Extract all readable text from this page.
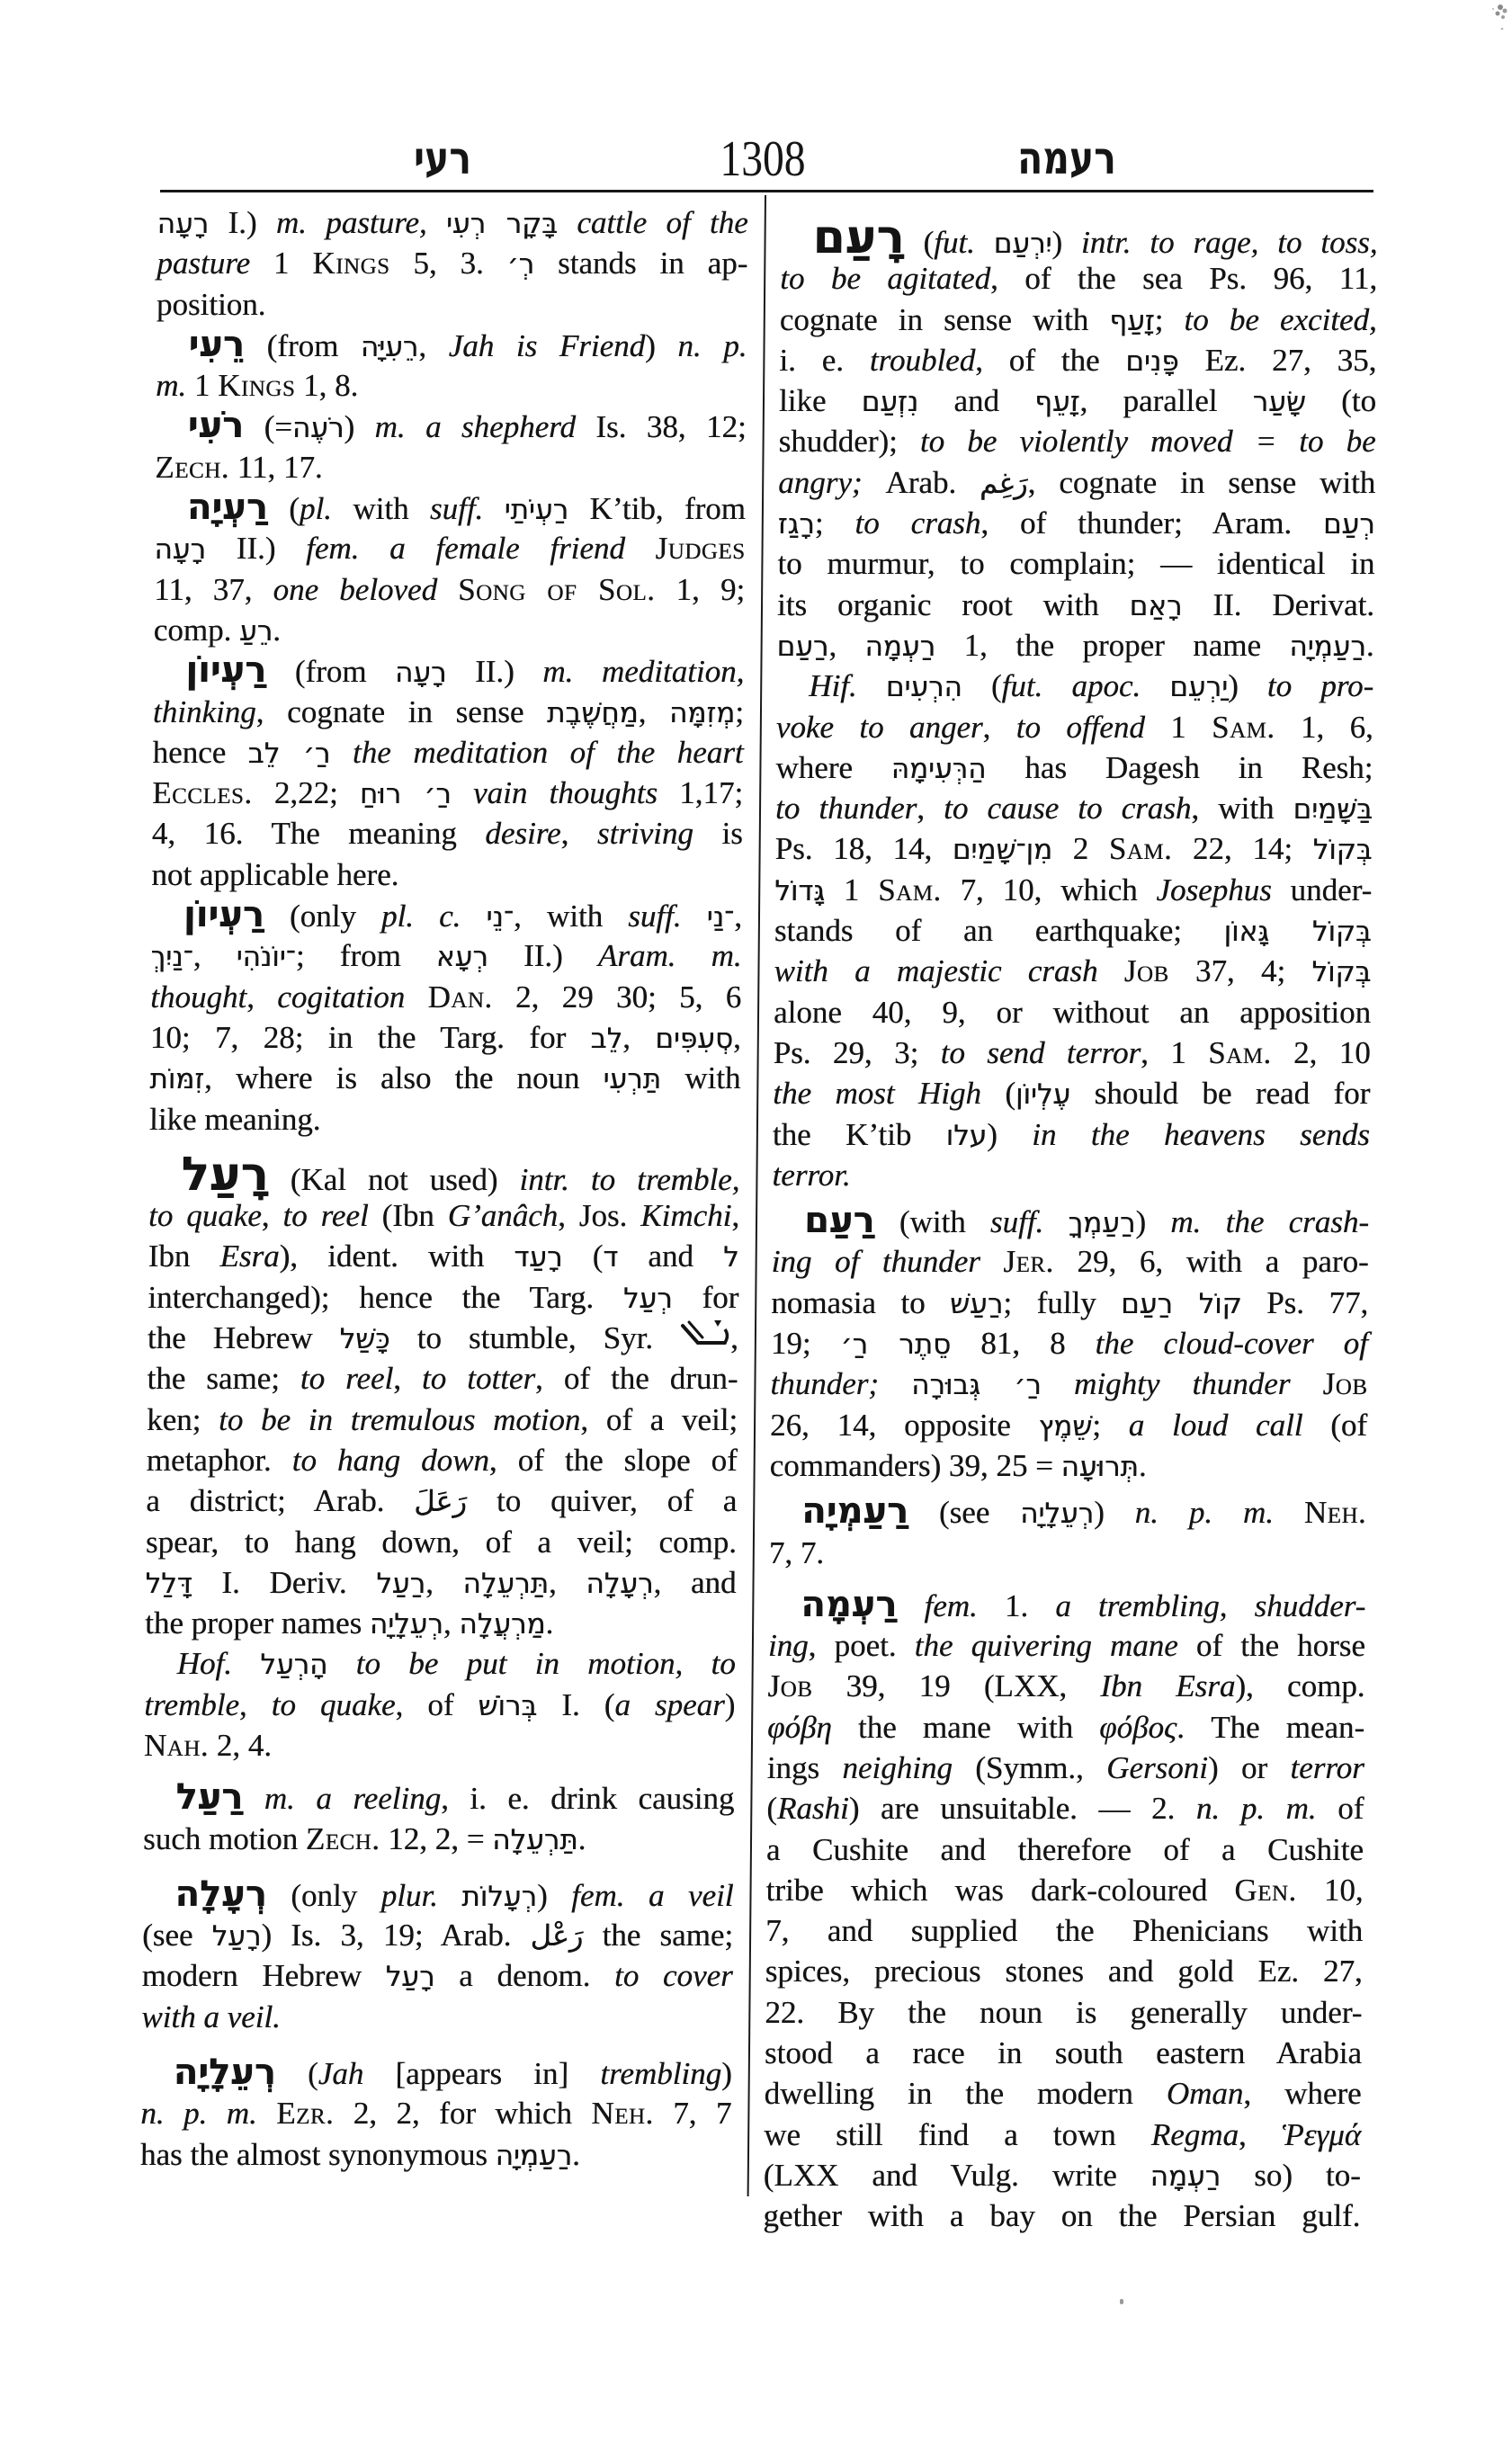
רעי	1308	רעמה
רָעָה I.) m. pasture, בָּקָר רְעִי cattle of the
pasture 1 Kings 5, 3. רְ׳ stands in ap-
position.
רֵעִי (from רֵעִיָּה, Jah is Friend) n. p.
m. 1 Kings 1, 8.
רֹעִי (=רֹעֶה) m. a shepherd Is. 38, 12;
Zech. 11, 17.
רַעְיָה (pl. with suff. רַעְיֹתַי K’tib, from
רָעָה II.) fem. a female friend Judges
11, 37, one beloved Song of Sol. 1, 9;
comp. רֵעַ.
רַעְיוֹן (from רָעָה II.) m. meditation,
thinking, cognate in sense מַחֲשֶׁבֶת, מְזִמָּה;
hence רַ׳ לֵב the meditation of the heart
Eccles. 2,22; רַ׳ רוּחַ vain thoughts 1,17;
4, 16. The meaning desire, striving is
not applicable here.
רַעְיוֹן (only pl. c. ־נֵי, with suff. ־נַי,
־נַיִךְ, ־יוֹנֹהִי; from רְעָא II.) Aram. m.
thought, cogitation Dan. 2, 29 30; 5, 6
10; 7, 28; in the Targ. for לֵב, סְעִפִּים,
זִמּוֹת, where is also the noun תַּרְעִי with
like meaning.
רָעַל (Kal not used) intr. to tremble,
to quake, to reel (Ibn G’anâch, Jos. Kimchi,
Ibn Esra), ident. with רָעַד (ד and ל
interchanged); hence the Targ. רְעַל for
the Hebrew כָּשַׁל to stumble, Syr. ,
the same; to reel, to totter, of the drun-
ken; to be in tremulous motion, of a veil;
metaphor. to hang down, of the slope of
a district; Arab. رَعَلَ to quiver, of a
spear, to hang down, of a veil; comp.
דָּלַל I. Deriv. רַעַל, תַּרְעֵלָה, רְעָלָה, and
the proper names רְעֵלָיָה, מַרְעֲלָה.
Hof. הָרְעַל to be put in motion, to
tremble, to quake, of בְּרוֹשׁ I. (a spear)
Nah. 2, 4.
רַעַל m. a reeling, i. e. drink causing
such motion Zech. 12, 2, = תַּרְעֵלָה.
רְעָלָה (only plur. רְעָלוֹת) fem. a veil
(see רָעַל) Is. 3, 19; Arab. رَعْل the same;
modern Hebrew רָעַל a denom. to cover
with a veil.
רְעֵלָיָה (Jah [appears in] trembling)
n. p. m. Ezr. 2, 2, for which Neh. 7, 7
has the almost synonymous רַעַמְיָה.
רָעַם (fut. יִרְעַם) intr. to rage, to toss,
to be agitated, of the sea Ps. 96, 11,
cognate in sense with זָעַף; to be excited,
i. e. troubled, of the פָּנִים Ez. 27, 35,
like נִזְעַם and זָעֵף, parallel שָׂעַר (to
shudder); to be violently moved = to be
angry; Arab. رَغِم, cognate in sense with
רָגַז; to crash, of thunder; Aram. רְעַם
to murmur, to complain; — identical in
its organic root with רָאַם II. Derivat.
רַעַם, רַעְמָה 1, the proper name רַעַמְיָה.
Hif. הִרְעִים (fut. apoc. יַרְעֵם) to pro-
voke to anger, to offend 1 Sam. 1, 6,
where הַרְּעִימָהּ has Dagesh in Resh;
to thunder, to cause to crash, with בַּשָּׁמַיִם
Ps. 18, 14, מִן־שָׁמַיִם 2 Sam. 22, 14; בְּקוֹל
גָּדוֹל 1 Sam. 7, 10, which Josephus under-
stands of an earthquake; בְּקוֹל גָּאוֹן
with a majestic crash Job 37, 4; בְּקוֹל
alone 40, 9, or without an apposition
Ps. 29, 3; to send terror, 1 Sam. 2, 10
the most High (עֶלְיוֹן should be read for
the K’tib עלו) in the heavens sends
terror.
רַעַם (with suff. רַעַמְךָ) m. the crash-
ing of thunder Jer. 29, 6, with a paro-
nomasia to רַעַשׁ; fully קוֹל רַעַם Ps. 77,
19; סֵתֶר רַ׳ 81, 8 the cloud-cover of
thunder; רַ׳ גְּבוּרָה mighty thunder Job
26, 14, opposite שֵׁמֶץ; a loud call (of
commanders) 39, 25 = תְּרוּעָה.
רַעַמְיָה (see רְעֵלָיָה) n. p. m. Neh.
7, 7.
רַעְמָה fem. 1. a trembling, shudder-
ing, poet. the quivering mane of the horse
Job 39, 19 (LXX, Ibn Esra), comp.
φόβη the mane with φόβος. The mean-
ings neighing (Symm., Gersoni) or terror
(Rashi) are unsuitable. — 2. n. p. m. of
a Cushite and therefore of a Cushite
tribe which was dark-coloured Gen. 10,
7, and supplied the Phenicians with
spices, precious stones and gold Ez. 27,
22. By the noun is generally under-
stood a race in south eastern Arabia
dwelling in the modern Oman, where
we still find a town Regma, Ῥεγμά
(LXX and Vulg. write רַעְמָה so) to-
gether with a bay on the Persian gulf.
